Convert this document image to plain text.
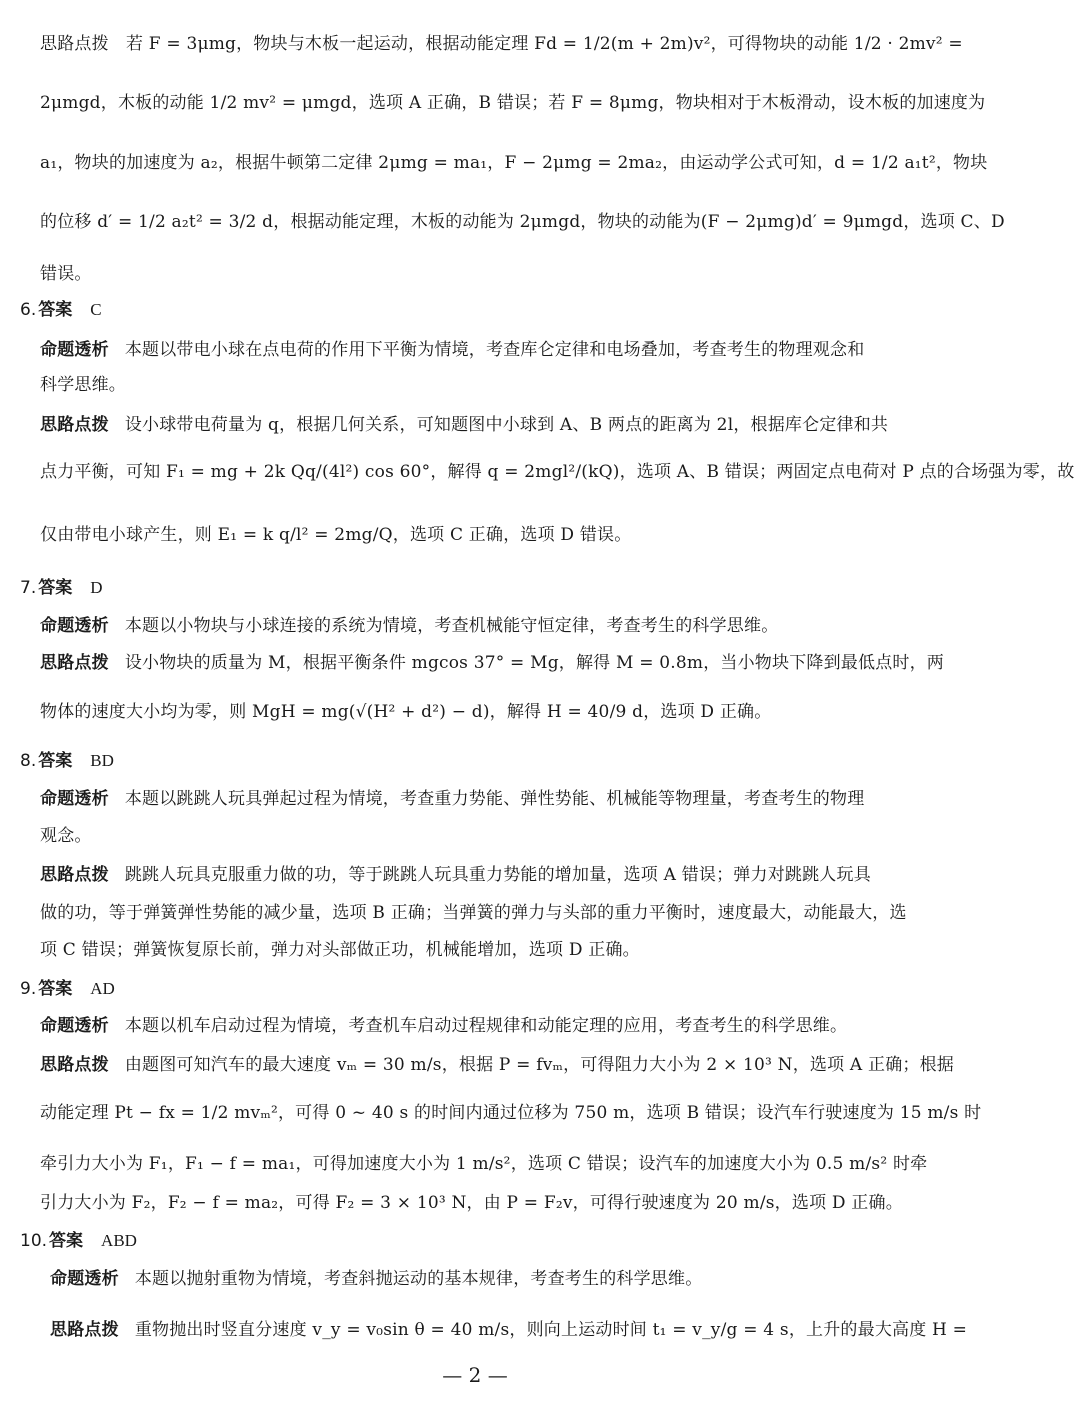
思路点拨　若 F = 3μmg，物块与木板一起运动，根据动能定理 Fd = 1/2(m + 2m)v²，可得物块的动能 1/2 · 2mv² =
2μmgd，木板的动能 1/2 mv² = μmgd，选项 A 正确，B 错误；若 F = 8μmg，物块相对于木板滑动，设木板的加速度为
a₁，物块的加速度为 a₂，根据牛顿第二定律 2μmg = ma₁，F − 2μmg = 2ma₂，由运动学公式可知，d = 1/2 a₁t²，物块
的位移 d′ = 1/2 a₂t² = 3/2 d，根据动能定理，木板的动能为 2μmgd，物块的动能为(F − 2μmg)d′ = 9μmgd，选项 C、D
错误。
6. 答案 C
命题透析 本题以带电小球在点电荷的作用下平衡为情境，考查库仑定律和电场叠加，考查考生的物理观念和
科学思维。
思路点拨 设小球带电荷量为 q，根据几何关系，可知题图中小球到 A、B 两点的距离为 2l，根据库仑定律和共
点力平衡，可知 F₁ = mg + 2k Qq/(4l²) cos 60°，解得 q = 2mgl²/(kQ)，选项 A、B 错误；两固定点电荷对 P 点的合场强为零，故
仅由带电小球产生，则 E₁ = k q/l² = 2mg/Q，选项 C 正确，选项 D 错误。
7. 答案 D
命题透析 本题以小物块与小球连接的系统为情境，考查机械能守恒定律，考查考生的科学思维。
思路点拨 设小物块的质量为 M，根据平衡条件 mgcos 37° = Mg，解得 M = 0.8m，当小物块下降到最低点时，两
物体的速度大小均为零，则 MgH = mg(√(H² + d²) − d)，解得 H = 40/9 d，选项 D 正确。
8. 答案 BD
命题透析 本题以跳跳人玩具弹起过程为情境，考查重力势能、弹性势能、机械能等物理量，考查考生的物理
观念。
思路点拨 跳跳人玩具克服重力做的功，等于跳跳人玩具重力势能的增加量，选项 A 错误；弹力对跳跳人玩具
做的功，等于弹簧弹性势能的减少量，选项 B 正确；当弹簧的弹力与头部的重力平衡时，速度最大，动能最大，选
项 C 错误；弹簧恢复原长前，弹力对头部做正功，机械能增加，选项 D 正确。
9. 答案 AD
命题透析 本题以机车启动过程为情境，考查机车启动过程规律和动能定理的应用，考查考生的科学思维。
思路点拨 由题图可知汽车的最大速度 vₘ = 30 m/s，根据 P = fvₘ，可得阻力大小为 2 × 10³ N，选项 A 正确；根据
动能定理 Pt − fx = 1/2 mvₘ²，可得 0 ~ 40 s 的时间内通过位移为 750 m，选项 B 错误；设汽车行驶速度为 15 m/s 时
牵引力大小为 F₁，F₁ − f = ma₁，可得加速度大小为 1 m/s²，选项 C 错误；设汽车的加速度大小为 0.5 m/s² 时牵
引力大小为 F₂，F₂ − f = ma₂，可得 F₂ = 3 × 10³ N，由 P = F₂v，可得行驶速度为 20 m/s，选项 D 正确。
10. 答案 ABD
命题透析 本题以抛射重物为情境，考查斜抛运动的基本规律，考查考生的科学思维。
思路点拨 重物抛出时竖直分速度 v_y = v₀sin θ = 40 m/s，则向上运动时间 t₁ = v_y/g = 4 s，上升的最大高度 H =
— 2 —
